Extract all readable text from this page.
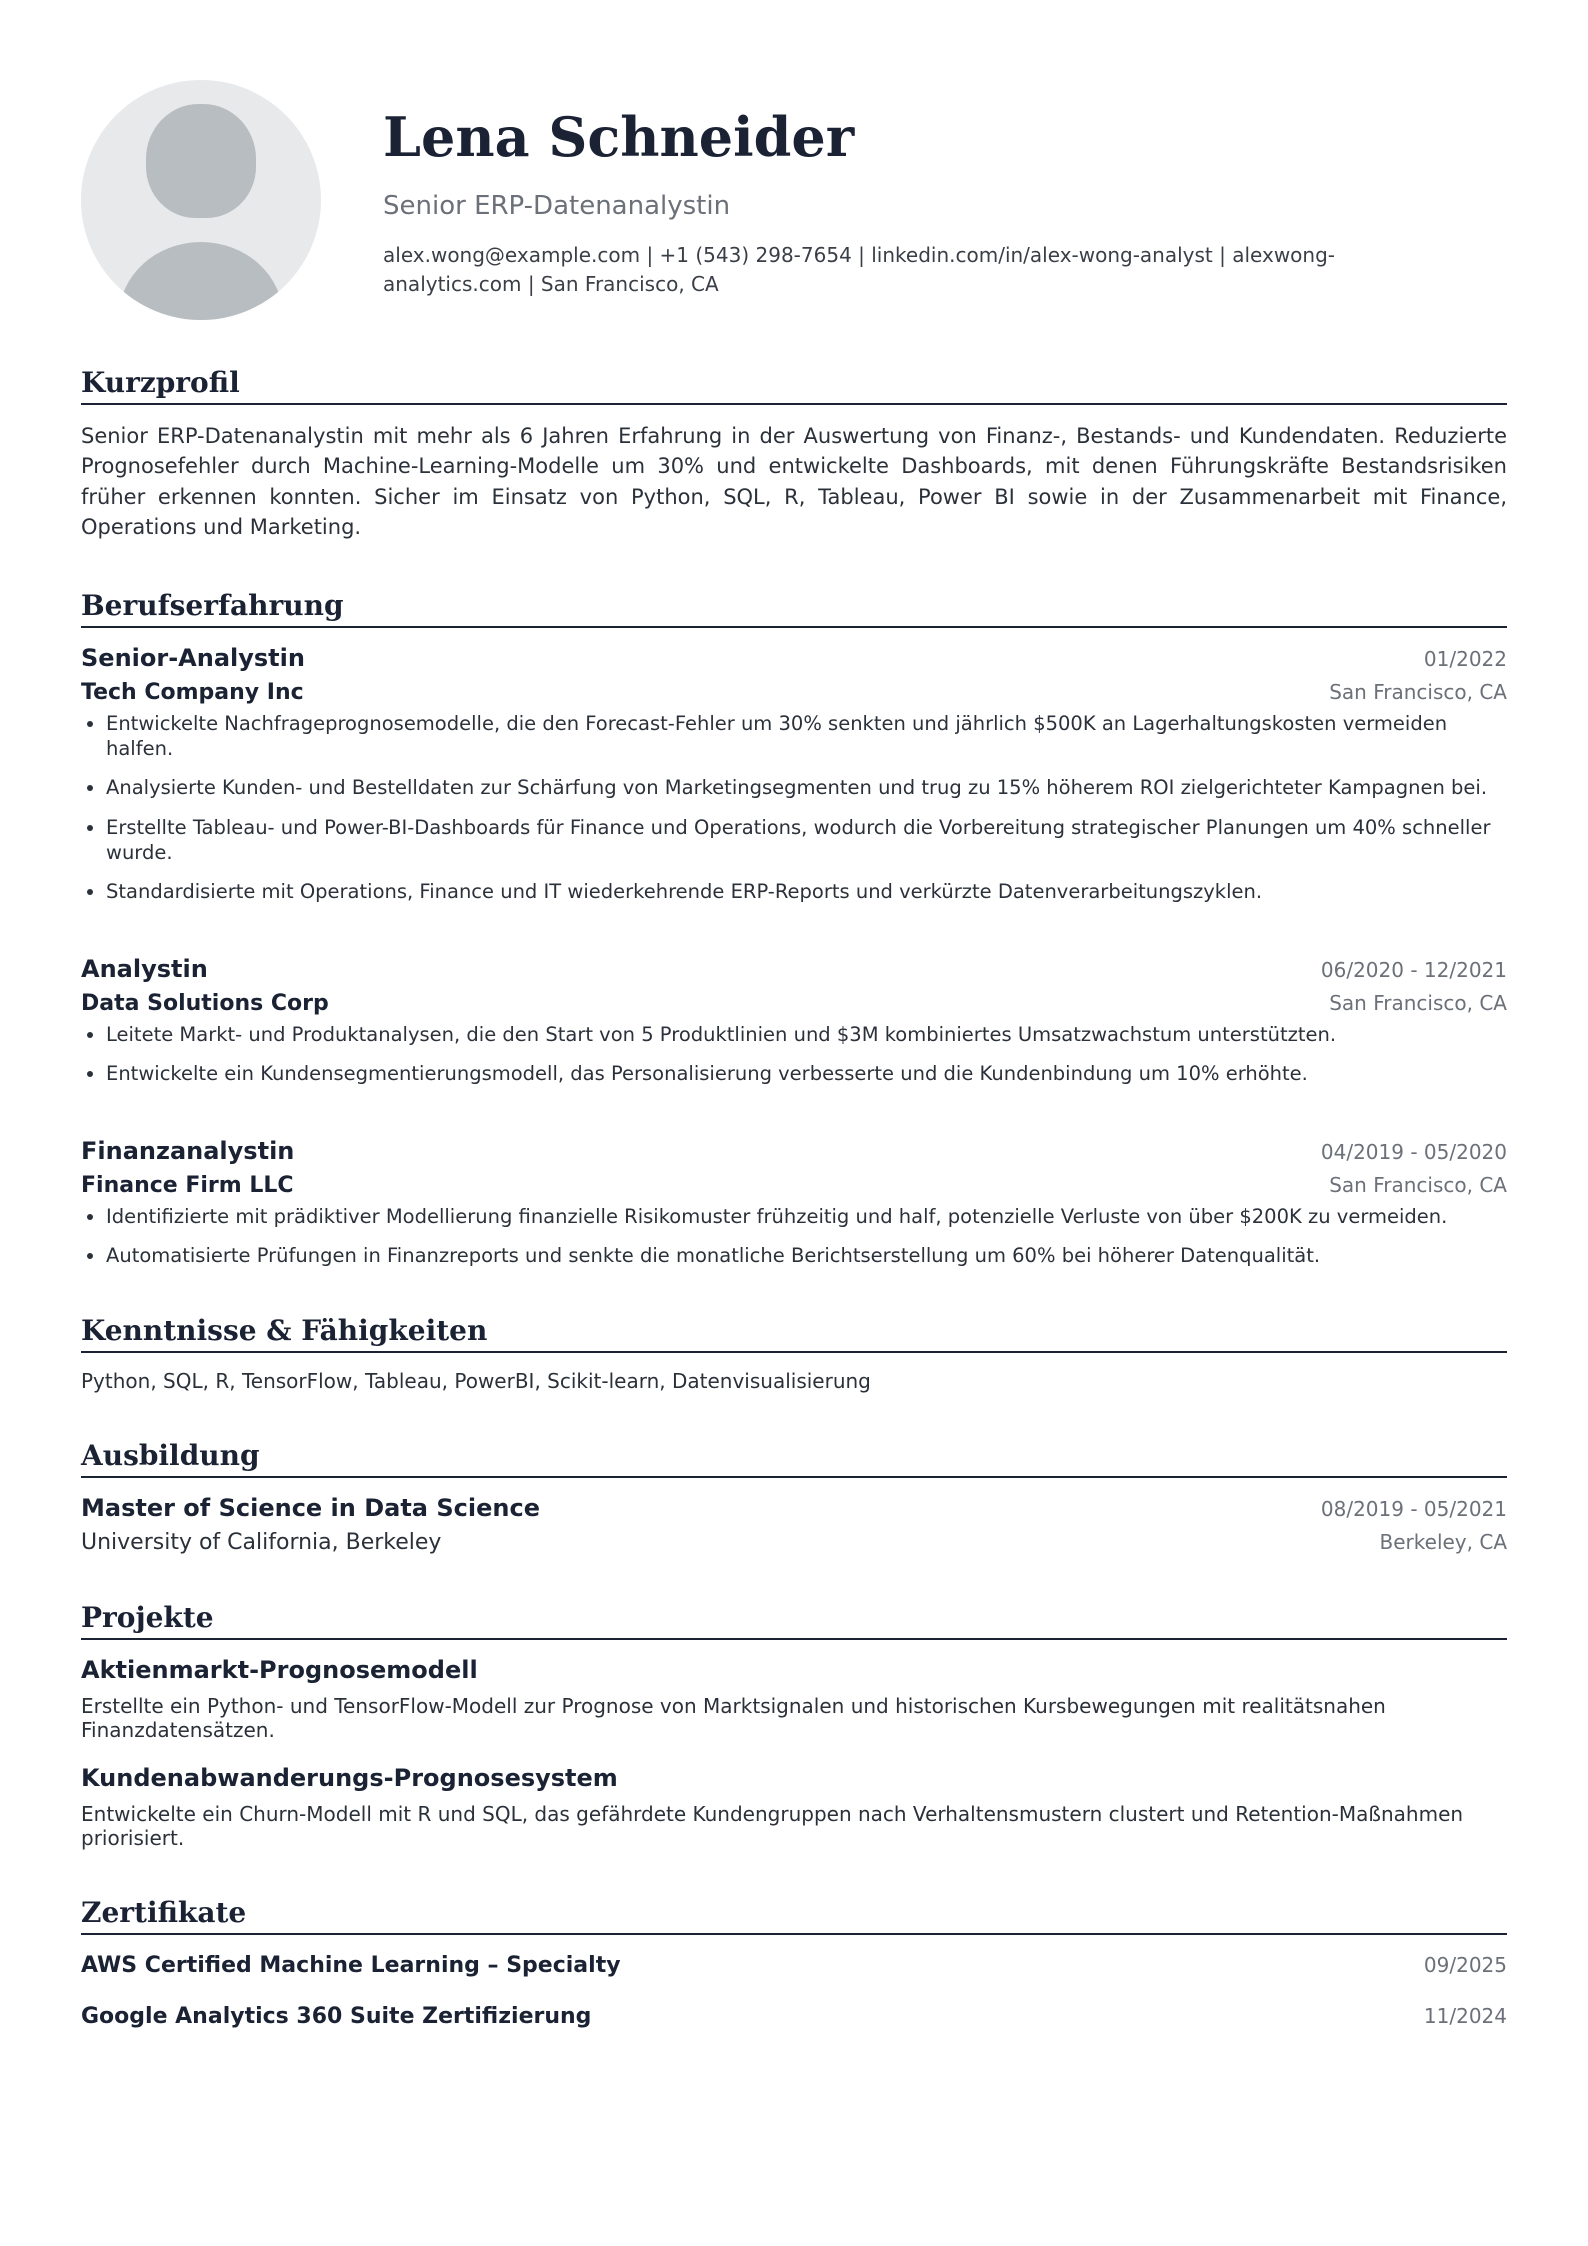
Lena Schneider
Senior ERP-Datenanalystin
alex.wong@example.com | +1 (543) 298-7654 | linkedin.com/in/alex-wong-analyst | alexwong-analytics.com | San Francisco, CA
Kurzprofil

Senior ERP-Datenanalystin mit mehr als 6 Jahren Erfahrung in der Auswertung von Finanz-, Bestands- und Kundendaten. Reduzierte Prognosefehler durch Machine-Learning-Modelle um 30% und entwickelte Dashboards, mit denen Führungskräfte Bestandsrisiken früher erkennen konnten. Sicher im Einsatz von Python, SQL, R, Tableau, Power BI sowie in der Zusammenarbeit mit Finance, Operations und Marketing.

Berufserfahrung
Senior-Analystin	01/2022
Tech Company Inc	San Francisco, CA
• Entwickelte Nachfrageprognosemodelle, die den Forecast-Fehler um 30% senkten und jährlich $500K an Lagerhaltungskosten vermeiden halfen.
• Analysierte Kunden- und Bestelldaten zur Schärfung von Marketingsegmenten und trug zu 15% höherem ROI zielgerichteter Kampagnen bei.
• Erstellte Tableau- und Power-BI-Dashboards für Finance und Operations, wodurch die Vorbereitung strategischer Planungen um 40% schneller wurde.
• Standardisierte mit Operations, Finance und IT wiederkehrende ERP-Reports und verkürzte Datenverarbeitungszyklen.
Analystin	06/2020 - 12/2021
Data Solutions Corp	San Francisco, CA
• Leitete Markt- und Produktanalysen, die den Start von 5 Produktlinien und $3M kombiniertes Umsatzwachstum unterstützten.
• Entwickelte ein Kundensegmentierungsmodell, das Personalisierung verbesserte und die Kundenbindung um 10% erhöhte.
Finanzanalystin	04/2019 - 05/2020
Finance Firm LLC	San Francisco, CA
• Identifizierte mit prädiktiver Modellierung finanzielle Risikomuster frühzeitig und half, potenzielle Verluste von über $200K zu vermeiden.
• Automatisierte Prüfungen in Finanzreports und senkte die monatliche Berichtserstellung um 60% bei höherer Datenqualität.
Kenntnisse & Fähigkeiten
Python, SQL, R, TensorFlow, Tableau, PowerBI, Scikit-learn, Datenvisualisierung
Ausbildung
Master of Science in Data Science	08/2019 - 05/2021
University of California, Berkeley	Berkeley, CA
Projekte
Aktienmarkt-Prognosemodell
Erstellte ein Python- und TensorFlow-Modell zur Prognose von Marktsignalen und historischen Kursbewegungen mit realitätsnahen Finanzdatensätzen.
Kundenabwanderungs-Prognosesystem
Entwickelte ein Churn-Modell mit R und SQL, das gefährdete Kundengruppen nach Verhaltensmustern clustert und Retention-Maßnahmen priorisiert.
Zertifikate
AWS Certified Machine Learning – Specialty	09/2025
Google Analytics 360 Suite Zertifizierung	11/2024
